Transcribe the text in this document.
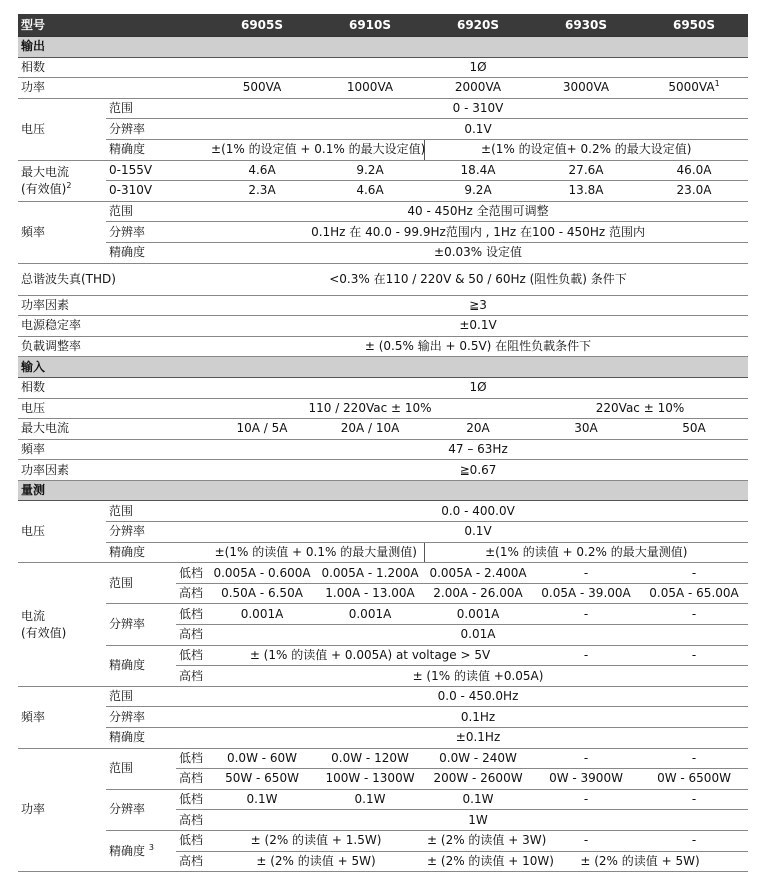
型号			6905S	6910S	6920S	6930S	6950S
输出							
相数			1Ø				
功率			500VA	1000VA	2000VA	3000VA	$5000VA^1$
电压	范围		0 - 310V				
	分辨率		0.1V				
	精确度		±(1% 的设定值 + 0.1% 的最大设定值)		±(1% 的设定值+ 0.2% 的最大设定值)		

最大电流
(有效值)$^2$	0-155V		4.6A	9.2A	18.4A	27.6A	46.0A
	0-310V		2.3A	4.6A	9.2A	13.8A	23.0A
頻率	范围		40 - 450Hz 全范围可调整				
	分辨率		0.1Hz 在 40.0 - 99.9Hz范围内 , 1Hz 在100 - 450Hz 范围内				
	精确度		±0.03% 设定值				
总谐波失真(THD)			<0.3% 在110 / 220V & 50 / 60Hz (阻性负載) 条件下				
功率因素			≧3				
电源稳定率			±0.1V				
负載调整率			± (0.5% 输出 + 0.5V) 在阻性负載条件下				
输入							
相数			1Ø				
电压			110 / 220Vac ± 10%			220Vac ± 10%	
最大电流			10A / 5A	20A / 10A	20A	30A	50A
頻率			47 – 63Hz				
功率因素			≧0.67				
量测							
电压	范围		0.0 - 400.0V				
	分辨率		0.1V				
	精确度		±(1% 的读值 + 0.1% 的最大量测值)		±(1% 的读值 + 0.2% 的最大量测值)		

电流
(有效值)	范围	低档	0.005A - 0.600A	0.005A - 1.200A	0.005A - 2.400A	-	-
		高档	0.50A - 6.50A	1.00A - 13.00A	2.00A - 26.00A	0.05A - 39.00A	0.05A - 65.00A
	分辨率	低档	0.001A	0.001A	0.001A	-	-
		高档	0.01A				
	精确度	低档	± (1% 的读值 + 0.005A) at voltage > 5V			-	-
		高档	± (1% 的读值 +0.05A)				
頻率	范围		0.0 - 450.0Hz				
	分辨率		0.1Hz				
	精确度		±0.1Hz				
功率	范围	低档	0.0W - 60W	0.0W - 120W	0.0W - 240W	-	-
		高档	50W - 650W	100W - 1300W	200W - 2600W	0W - 3900W	0W - 6500W
	分辨率	低档	0.1W	0.1W	0.1W	-	-
		高档	1W				
	精确度 $^3$	低档	± (2% 的读值 + 1.5W)		± (2% 的读值 + 3W)	-	-
		高档	± (2% 的读值 + 5W)		± (2% 的读值 + 10W)	± (2% 的读值 + 5W)	
